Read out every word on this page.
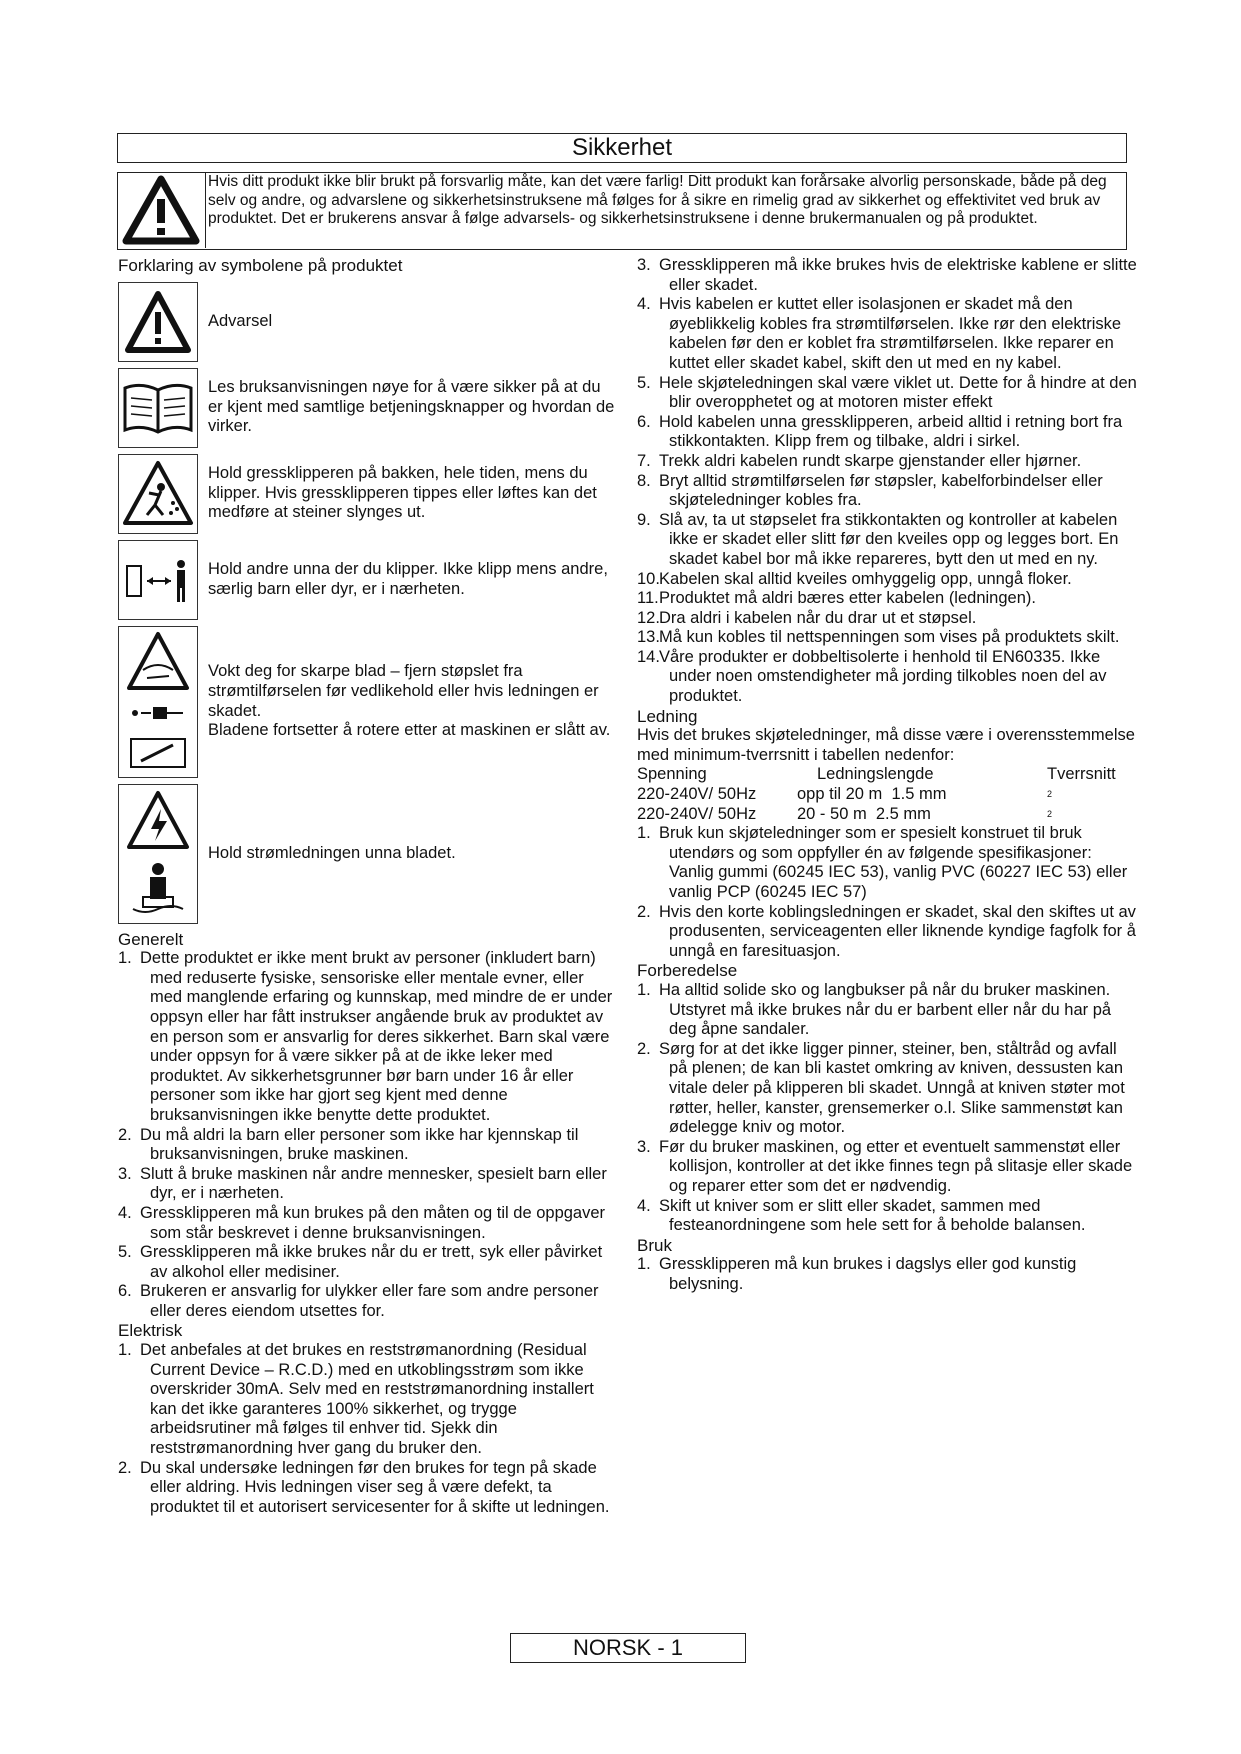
Sikkerhet
Hvis ditt produkt ikke blir brukt på forsvarlig måte, kan det være farlig! Ditt produkt kan forårsake alvorlig personskade, både på deg selv og andre, og advarslene og sikkerhetsinstruksene må følges for å sikre en rimelig grad av sikkerhet og effektivitet ved bruk av produktet. Det er brukerens ansvar å følge advarsels- og sikkerhetsinstruksene i denne brukermanualen og på produktet.
Forklaring av symbolene på produktet
Advarsel
Les bruksanvisningen nøye for å være sikker på at du er kjent med samtlige betjeningsknapper og hvordan de virker.
Hold gressklipperen på bakken, hele tiden, mens du klipper. Hvis gressklipperen tippes eller løftes kan det medføre at steiner slynges ut.
Hold andre unna der du klipper. Ikke klipp mens andre, særlig barn eller dyr, er i nærheten.
Vokt deg for skarpe blad – fjern støpslet fra strømtilførselen før vedlikehold eller hvis ledningen er skadet.
Bladene fortsetter å rotere etter at maskinen er slått av.
Hold strømledningen unna bladet.
Generelt
1. Dette produktet er ikke ment brukt av personer (inkludert barn) med reduserte fysiske, sensoriske eller mentale evner, eller med manglende erfaring og kunnskap, med mindre de er under oppsyn eller har fått instrukser angående bruk av produktet av en person som er ansvarlig for deres sikkerhet. Barn skal være under oppsyn for å være sikker på at de ikke leker med produktet. Av sikkerhetsgrunner bør barn under 16 år eller personer som ikke har gjort seg kjent med denne bruksanvisningen ikke benytte dette produktet.
2. Du må aldri la barn eller personer som ikke har kjennskap til bruksanvisningen, bruke maskinen.
3. Slutt å bruke maskinen når andre mennesker, spesielt barn eller dyr, er i nærheten.
4. Gressklipperen må kun brukes på den måten og til de oppgaver som står beskrevet i denne bruksanvisningen.
5. Gressklipperen må ikke brukes når du er trett, syk eller påvirket av alkohol eller medisiner.
6. Brukeren er ansvarlig for ulykker eller fare som andre personer eller deres eiendom utsettes for.
Elektrisk
1. Det anbefales at det brukes en reststrømanordning (Residual Current Device – R.C.D.) med en utkoblingsstrøm som ikke overskrider 30mA. Selv med en reststrømanordning installert kan det ikke garanteres 100% sikkerhet, og trygge arbeidsrutiner må følges til enhver tid. Sjekk din reststrømanordning hver gang du bruker den.
2. Du skal undersøke ledningen før den brukes for tegn på skade eller aldring. Hvis ledningen viser seg å være defekt, ta produktet til et autorisert servicesenter for å skifte ut ledningen.
3. Gressklipperen må ikke brukes hvis de elektriske kablene er slitte eller skadet.
4. Hvis kabelen er kuttet eller isolasjonen er skadet må den øyeblikkelig kobles fra strømtilførselen. Ikke rør den elektriske kabelen før den er koblet fra strømtilførselen. Ikke reparer en kuttet eller skadet kabel, skift den ut med en ny kabel.
5. Hele skjøteledningen skal være viklet ut. Dette for å hindre at den blir overopphetet og at motoren mister effekt
6. Hold kabelen unna gressklipperen, arbeid alltid i retning bort fra stikkontakten. Klipp frem og tilbake, aldri i sirkel.
7. Trekk aldri kabelen rundt skarpe gjenstander eller hjørner.
8. Bryt alltid strømtilførselen før støpsler, kabelforbindelser eller skjøteledninger kobles fra.
9. Slå av, ta ut støpselet fra stikkontakten og kontroller at kabelen ikke er skadet eller slitt før den kveiles opp og legges bort. En skadet kabel bor må ikke repareres, bytt den ut med en ny.
10. Kabelen skal alltid kveiles omhyggelig opp, unngå floker.
11. Produktet må aldri bæres etter kabelen (ledningen).
12. Dra aldri i kabelen når du drar ut et støpsel.
13. Må kun kobles til nettspenningen som vises på produktets skilt.
14. Våre produkter er dobbeltisolerte i henhold til EN60335. Ikke under noen omstendigheter må jording tilkobles noen del av produktet.
Ledning
Hvis det brukes skjøteledninger, må disse være i overensstemmelse med minimum-tverrsnitt i tabellen nedenfor:
Spenning	Ledningslengde	Tverrsnitt
220-240V/ 50Hz	opp til 20 m 1.5 mm	$^2$
220-240V/ 50Hz	20 - 50 m 2.5 mm	$^2$
1. Bruk kun skjøteledninger som er spesielt konstruet til bruk utendørs og som oppfyller én av følgende spesifikasjoner: Vanlig gummi (60245 IEC 53), vanlig PVC (60227 IEC 53) eller vanlig PCP (60245 IEC 57)
2. Hvis den korte koblingsledningen er skadet, skal den skiftes ut av produsenten, serviceagenten eller liknende kyndige fagfolk for å unngå en faresituasjon.
Forberedelse
1. Ha alltid solide sko og langbukser på når du bruker maskinen. Utstyret må ikke brukes når du er barbent eller når du har på deg åpne sandaler.
2. Sørg for at det ikke ligger pinner, steiner, ben, ståltråd og avfall på plenen; de kan bli kastet omkring av kniven, dessusten kan vitale deler på klipperen bli skadet. Unngå at kniven støter mot røtter, heller, kanster, grensemerker o.l. Slike sammenstøt kan ødelegge kniv og motor.
3. Før du bruker maskinen, og etter et eventuelt sammenstøt eller kollisjon, kontroller at det ikke finnes tegn på slitasje eller skade og reparer etter som det er nødvendig.
4. Skift ut kniver som er slitt eller skadet, sammen med festeanordningene som hele sett for å beholde balansen.
Bruk
1. Gressklipperen må kun brukes i dagslys eller god kunstig belysning.
NORSK - 1
